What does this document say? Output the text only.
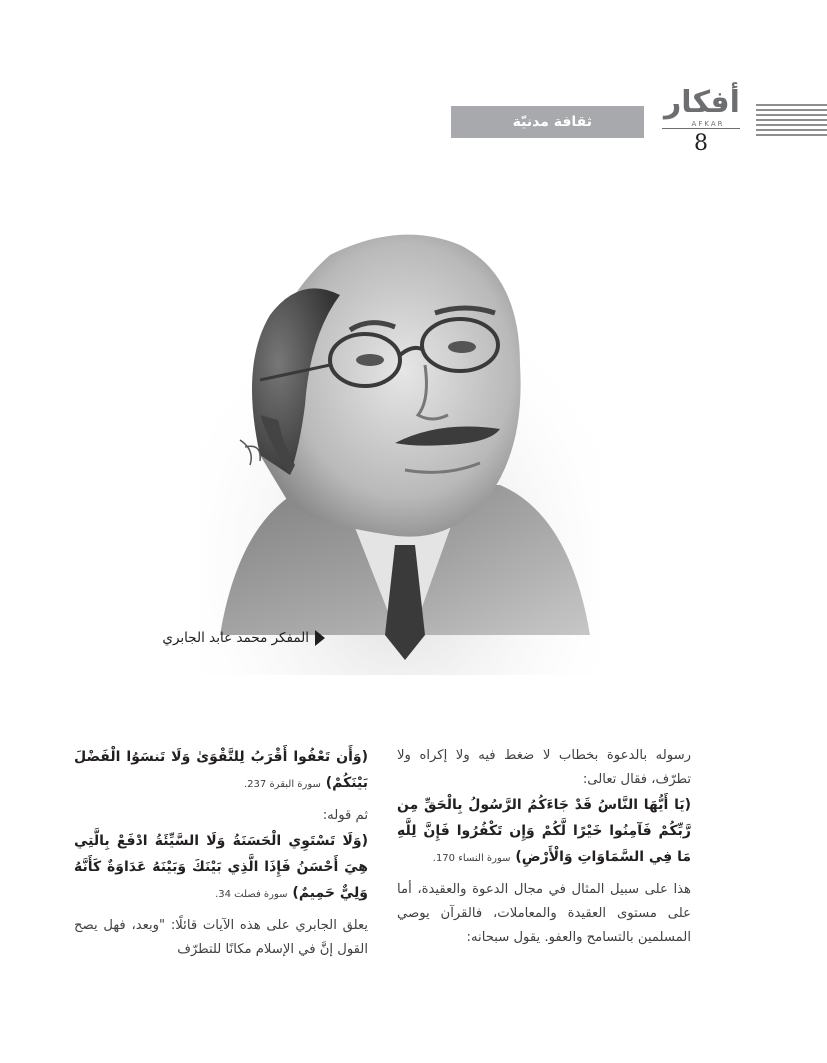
أفكار
AFKAR
8
ثقافة مدنيّة
المفكر محمد عابد الجابري
رسوله بالدعوة بخطاب لا ضغط فيه ولا إكراه ولا تطرّف، فقال تعالى:
(يَا أَيُّهَا النَّاسُ قَدْ جَاءَكُمُ الرَّسُولُ بِالْحَقِّ مِن رَّبِّكُمْ فَآمِنُوا خَيْرًا لَّكُمْ وَإِن تَكْفُرُوا فَإِنَّ لِلَّهِ مَا فِي السَّمَاوَاتِ وَالْأَرْضِ) سورة النساء 170.
هذا على سبيل المثال في مجال الدعوة والعقيدة، أما على مستوى العقيدة والمعاملات، فالقرآن يوصي المسلمين بالتسامح والعفو. يقول سبحانه:
(وَأَن تَعْفُوا أَقْرَبُ لِلتَّقْوَىٰ وَلَا تَنسَوُا الْفَضْلَ بَيْنَكُمْ) سورة البقرة 237.
ثم قوله:
(وَلَا تَسْتَوِي الْحَسَنَةُ وَلَا السَّيِّئَةُ ادْفَعْ بِالَّتِي هِيَ أَحْسَنُ فَإِذَا الَّذِي بَيْنَكَ وَبَيْنَهُ عَدَاوَةٌ كَأَنَّهُ وَلِيٌّ حَمِيمٌ) سورة فصلت 34.
يعلق الجابري على هذه الآيات قائلًا: "وبعد، فهل يصح القول إنَّ في الإسلام مكانًا للتطرّف
